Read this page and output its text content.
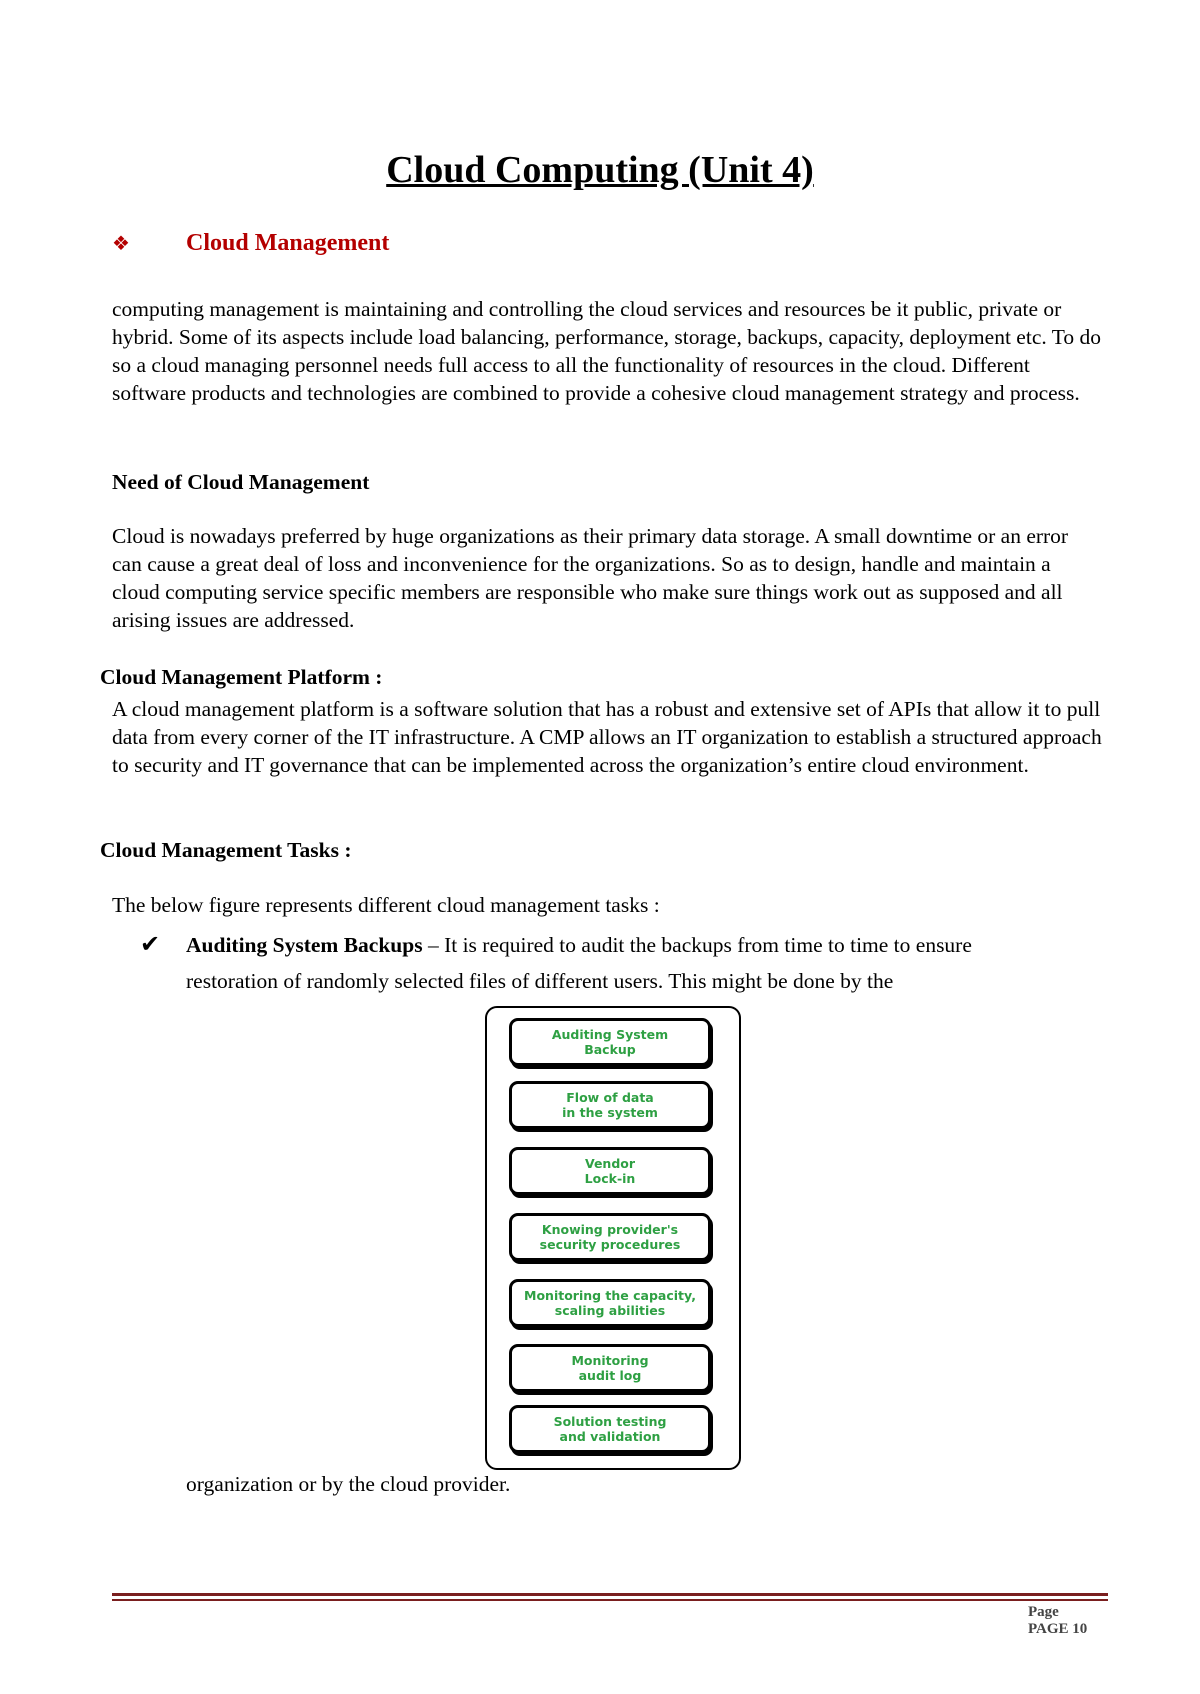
Cloud Computing (Unit 4)
❖ Cloud Management

computing management is maintaining and controlling the cloud services and resources be it public, private or hybrid. Some of its aspects include load balancing, performance, storage, backups, capacity, deployment etc. To do so a cloud managing personnel needs full access to all the functionality of resources in the cloud. Different software products and technologies are combined to provide a cohesive cloud management strategy and process.

Need of Cloud Management

Cloud is nowadays preferred by huge organizations as their primary data storage. A small downtime or an error can cause a great deal of loss and inconvenience for the organizations. So as to design, handle and maintain a cloud computing service specific members are responsible who make sure things work out as supposed and all arising issues are addressed.

Cloud Management Platform :

A cloud management platform is a software solution that has a robust and extensive set of APIs that allow it to pull data from every corner of the IT infrastructure. A CMP allows an IT organization to establish a structured approach to security and IT governance that can be implemented across the organization’s entire cloud environment.

Cloud Management Tasks :

The below figure represents different cloud management tasks :

✔ Auditing System Backups – It is required to audit the backups from time to time to ensure
restoration of randomly selected files of different users. This might be done by the
Auditing System
Backup
Flow of data
in the system
Vendor
Lock-in
Knowing provider's
security procedures
Monitoring the capacity,
scaling abilities
Monitoring
audit log
Solution testing
and validation

organization or by the cloud provider.

Page
PAGE 10
